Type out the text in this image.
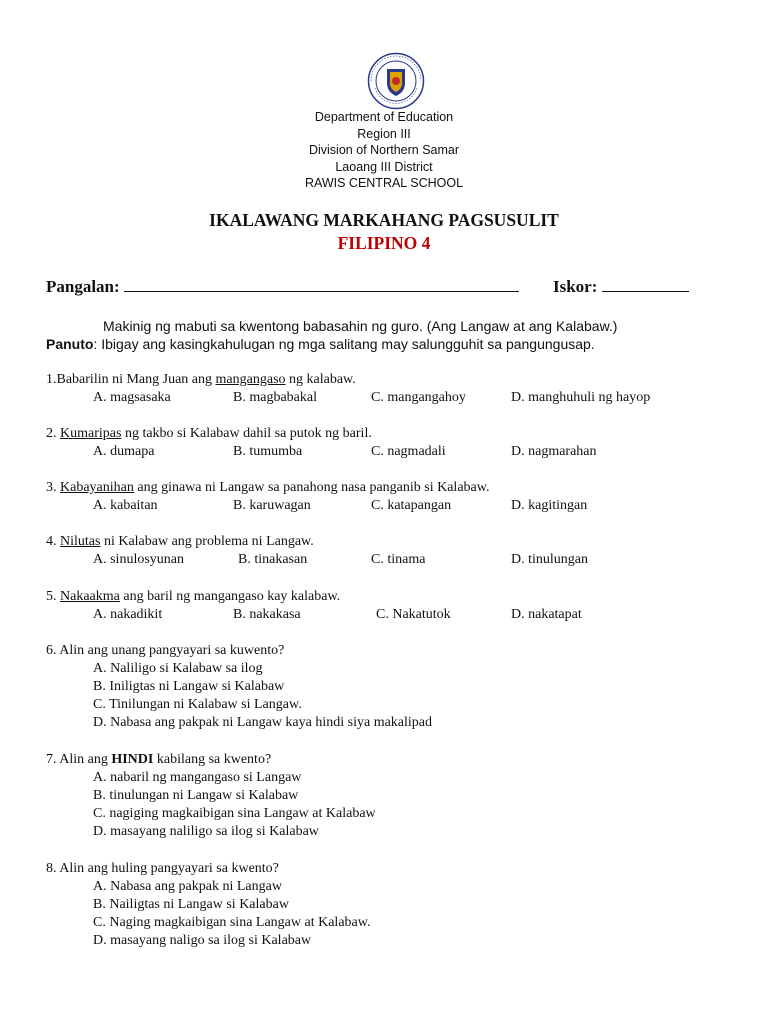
Department of Education
Region III
Division of Northern Samar
Laoang III District
RAWIS CENTRAL SCHOOL
IKALAWANG MARKAHANG PAGSUSULIT
FILIPINO 4
Pangalan:	Iskor:
Makinig ng mabuti sa kwentong babasahin ng guro. (Ang Langaw at ang Kalabaw.)
Panuto: Ibigay ang kasingkahulugan ng mga salitang may salungguhit sa pangungusap.
1.Babarilin ni Mang Juan ang mangangaso ng kalabaw.
A. magsasaka	B. magbabakal	C. mangangahoy	D. manghuhuli ng hayop
2. Kumaripas ng takbo si Kalabaw dahil sa putok ng baril.
A. dumapa	B. tumumba	C. nagmadali	D. nagmarahan
3. Kabayanihan ang ginawa ni Langaw sa panahong nasa panganib si Kalabaw.
A. kabaitan	B. karuwagan	C. katapangan	D. kagitingan
4. Nilutas ni Kalabaw ang problema ni Langaw.
A. sinulosyunan	B. tinakasan	C. tinama	D. tinulungan
5. Nakaakma ang baril ng mangangaso kay kalabaw.
A. nakadikit	B. nakakasa	C. Nakatutok	D. nakatapat
6. Alin ang unang pangyayari sa kuwento?
A. Naliligo si Kalabaw sa ilog
B. Iniligtas ni Langaw si Kalabaw
C. Tinilungan ni Kalabaw si Langaw.
D. Nabasa ang pakpak ni Langaw kaya hindi siya makalipad
7. Alin ang HINDI kabilang sa kwento?
A. nabaril ng mangangaso si Langaw
B. tinulungan ni Langaw si Kalabaw
C. nagiging magkaibigan sina Langaw at Kalabaw
D. masayang naliligo sa ilog si Kalabaw
8. Alin ang huling pangyayari sa kwento?
A. Nabasa ang pakpak ni Langaw
B. Nailigtas ni Langaw si Kalabaw
C. Naging magkaibigan sina Langaw at Kalabaw.
D. masayang naligo sa ilog si Kalabaw
